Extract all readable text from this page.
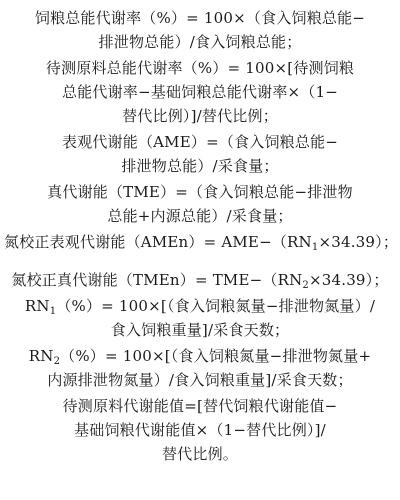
饲粮总能代谢率（%）= 100×（食入饲粮总能−
排泄物总能）/食入饲粮总能；
待测原料总能代谢率（%）= 100×[待测饲粮
总能代谢率−基础饲粮总能代谢率×（1−
替代比例）]/替代比例；
表观代谢能（AME）=（食入饲粮总能−
排泄物总能）/采食量；
真代谢能（TME）=（食入饲粮总能−排泄物
总能+内源总能）/采食量；
氮校正表观代谢能（AMEn）= $AME-(RN_1\times 34.39)$；
氮校正真代谢能（TMEn）= $TME-(RN_2\times 34.39)$；
$RN_1(\%)= 100\times$[（食入饲粮氮量−排泄物氮量）/
食入饲粮重量]/采食天数；
$RN_2(\%)= 100\times$[（食入饲粮氮量−排泄物氮量+
内源排泄物氮量）/食入饲粮重量]/采食天数；
待测原料代谢能值=[替代饲粮代谢能值−
基础饲粮代谢能值×（1−替代比例）]/
替代比例。
